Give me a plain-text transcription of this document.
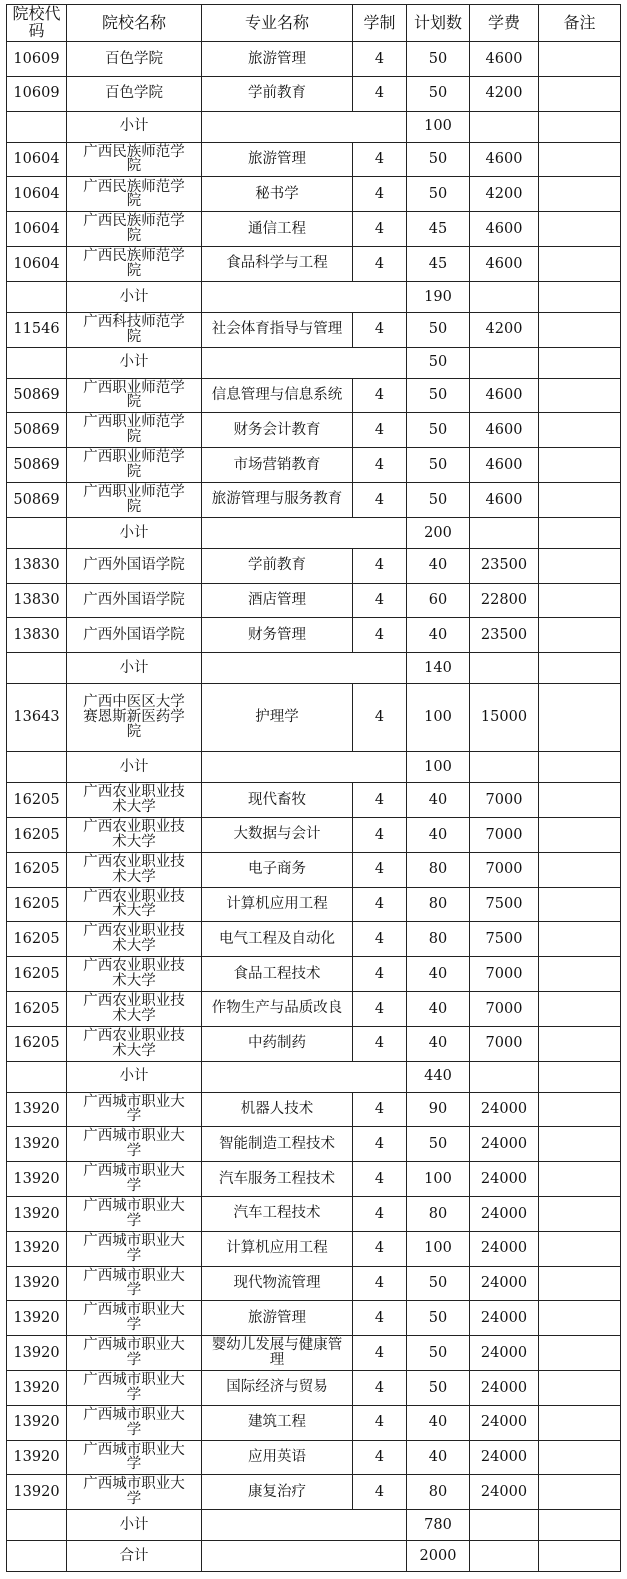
院校代码	院校名称	专业名称	学制	计划数	学费	备注
10609	百色学院	旅游管理	4	50	4600	
10609	百色学院	学前教育	4	50	4200	
	小计			100		
10604	广西民族师范学院	旅游管理	4	50	4600	
10604	广西民族师范学院	秘书学	4	50	4200	
10604	广西民族师范学院	通信工程	4	45	4600	
10604	广西民族师范学院	食品科学与工程	4	45	4600	
	小计			190		
11546	广西科技师范学院	社会体育指导与管理	4	50	4200	
	小计			50		
50869	广西职业师范学院	信息管理与信息系统	4	50	4600	
50869	广西职业师范学院	财务会计教育	4	50	4600	
50869	广西职业师范学院	市场营销教育	4	50	4600	
50869	广西职业师范学院	旅游管理与服务教育	4	50	4600	
	小计			200		
13830	广西外国语学院	学前教育	4	40	23500	
13830	广西外国语学院	酒店管理	4	60	22800	
13830	广西外国语学院	财务管理	4	40	23500	
	小计			140		
13643	广西中医区大学赛恩斯新医药学院	护理学	4	100	15000	
	小计			100		
16205	广西农业职业技术大学	现代畜牧	4	40	7000	
16205	广西农业职业技术大学	大数据与会计	4	40	7000	
16205	广西农业职业技术大学	电子商务	4	80	7000	
16205	广西农业职业技术大学	计算机应用工程	4	80	7500	
16205	广西农业职业技术大学	电气工程及自动化	4	80	7500	
16205	广西农业职业技术大学	食品工程技术	4	40	7000	
16205	广西农业职业技术大学	作物生产与品质改良	4	40	7000	
16205	广西农业职业技术大学	中药制药	4	40	7000	
	小计			440		
13920	广西城市职业大学	机器人技术	4	90	24000	
13920	广西城市职业大学	智能制造工程技术	4	50	24000	
13920	广西城市职业大学	汽车服务工程技术	4	100	24000	
13920	广西城市职业大学	汽车工程技术	4	80	24000	
13920	广西城市职业大学	计算机应用工程	4	100	24000	
13920	广西城市职业大学	现代物流管理	4	50	24000	
13920	广西城市职业大学	旅游管理	4	50	24000	
13920	广西城市职业大学	婴幼儿发展与健康管理	4	50	24000	
13920	广西城市职业大学	国际经济与贸易	4	50	24000	
13920	广西城市职业大学	建筑工程	4	40	24000	
13920	广西城市职业大学	应用英语	4	40	24000	
13920	广西城市职业大学	康复治疗	4	80	24000	
	小计			780		
	合计			2000		
